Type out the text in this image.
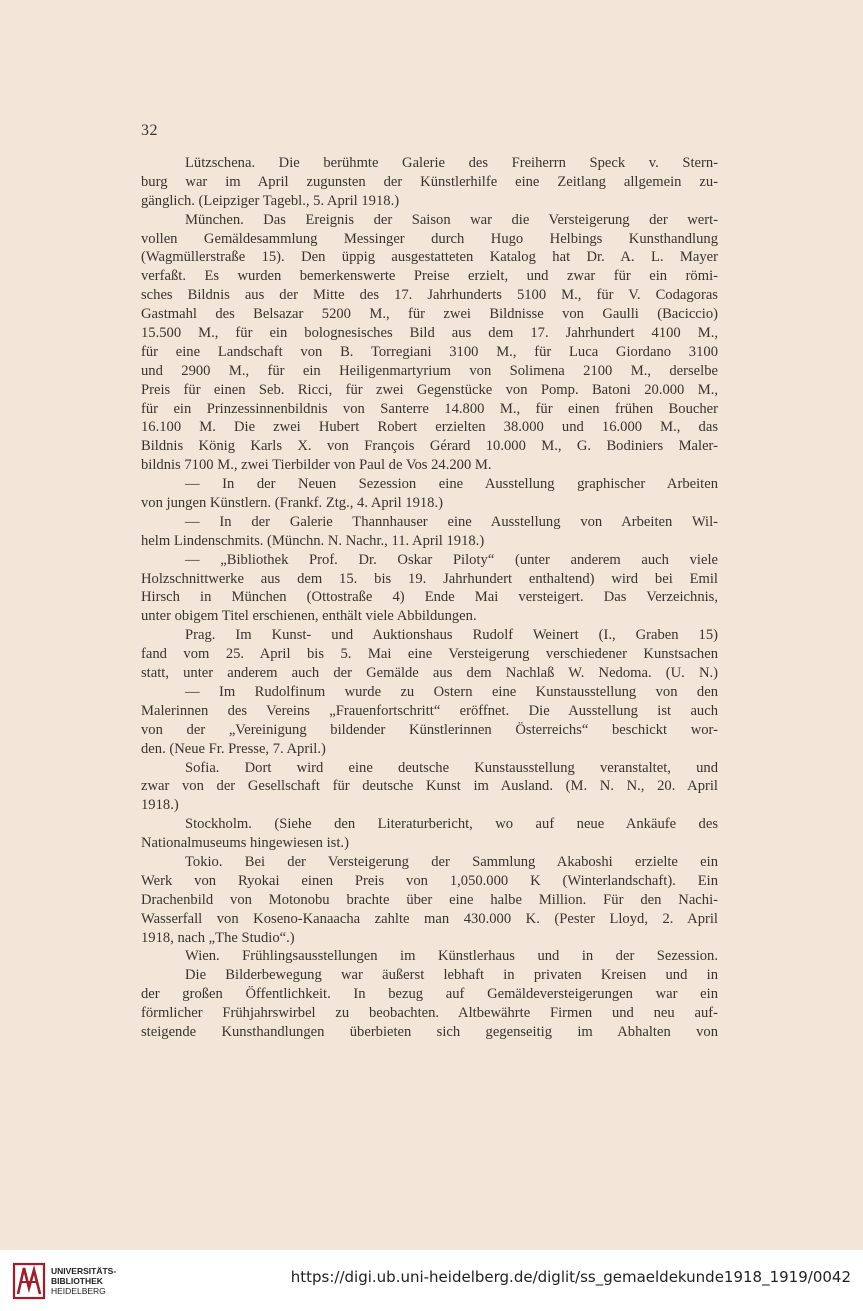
32
Lützschena. Die berühmte Galerie des Freiherrn Speck v. Stern-
burg war im April zugunsten der Künstlerhilfe eine Zeitlang allgemein zu-
gänglich. (Leipziger Tagebl., 5. April 1918.)
München. Das Ereignis der Saison war die Versteigerung der wert-
vollen Gemäldesammlung Messinger durch Hugo Helbings Kunsthandlung
(Wagmüllerstraße 15). Den üppig ausgestatteten Katalog hat Dr. A. L. Mayer
verfaßt. Es wurden bemerkenswerte Preise erzielt, und zwar für ein römi-
sches Bildnis aus der Mitte des 17. Jahrhunderts 5100 M., für V. Codagoras
Gastmahl des Belsazar 5200 M., für zwei Bildnisse von Gaulli (Baciccio)
15.500 M., für ein bolognesisches Bild aus dem 17. Jahrhundert 4100 M.,
für eine Landschaft von B. Torregiani 3100 M., für Luca Giordano 3100
und 2900 M., für ein Heiligenmartyrium von Solimena 2100 M., derselbe
Preis für einen Seb. Ricci, für zwei Gegenstücke von Pomp. Batoni 20.000 M.,
für ein Prinzessinnenbildnis von Santerre 14.800 M., für einen frühen Boucher
16.100 M. Die zwei Hubert Robert erzielten 38.000 und 16.000 M., das
Bildnis König Karls X. von François Gérard 10.000 M., G. Bodiniers Maler-
bildnis 7100 M., zwei Tierbilder von Paul de Vos 24.200 M.
— In der Neuen Sezession eine Ausstellung graphischer Arbeiten
von jungen Künstlern. (Frankf. Ztg., 4. April 1918.)
— In der Galerie Thannhauser eine Ausstellung von Arbeiten Wil-
helm Lindenschmits. (Münchn. N. Nachr., 11. April 1918.)
— „Bibliothek Prof. Dr. Oskar Piloty“ (unter anderem auch viele
Holzschnittwerke aus dem 15. bis 19. Jahrhundert enthaltend) wird bei Emil
Hirsch in München (Ottostraße 4) Ende Mai versteigert. Das Verzeichnis,
unter obigem Titel erschienen, enthält viele Abbildungen.
Prag. Im Kunst- und Auktionshaus Rudolf Weinert (I., Graben 15)
fand vom 25. April bis 5. Mai eine Versteigerung verschiedener Kunstsachen
statt, unter anderem auch der Gemälde aus dem Nachlaß W. Nedoma. (U. N.)
— Im Rudolfinum wurde zu Ostern eine Kunstausstellung von den
Malerinnen des Vereins „Frauenfortschritt“ eröffnet. Die Ausstellung ist auch
von der „Vereinigung bildender Künstlerinnen Österreichs“ beschickt wor-
den. (Neue Fr. Presse, 7. April.)
Sofia. Dort wird eine deutsche Kunstausstellung veranstaltet, und
zwar von der Gesellschaft für deutsche Kunst im Ausland. (M. N. N., 20. April
1918.)
Stockholm. (Siehe den Literaturbericht, wo auf neue Ankäufe des
Nationalmuseums hingewiesen ist.)
Tokio. Bei der Versteigerung der Sammlung Akaboshi erzielte ein
Werk von Ryokai einen Preis von 1,050.000 K (Winterlandschaft). Ein
Drachenbild von Motonobu brachte über eine halbe Million. Für den Nachi-
Wasserfall von Koseno-Kanaacha zahlte man 430.000 K. (Pester Lloyd, 2. April
1918, nach „The Studio“.)
Wien. Frühlingsausstellungen im Künstlerhaus und in der Sezession.
Die Bilderbewegung war äußerst lebhaft in privaten Kreisen und in
der großen Öffentlichkeit. In bezug auf Gemäldeversteigerungen war ein
förmlicher Frühjahrswirbel zu beobachten. Altbewährte Firmen und neu auf-
steigende Kunsthandlungen überbieten sich gegenseitig im Abhalten von
UNIVERSITÄTS-
BIBLIOTHEK
HEIDELBERG
https://digi.ub.uni-heidelberg.de/diglit/ss_gemaeldekunde1918_1919/0042
